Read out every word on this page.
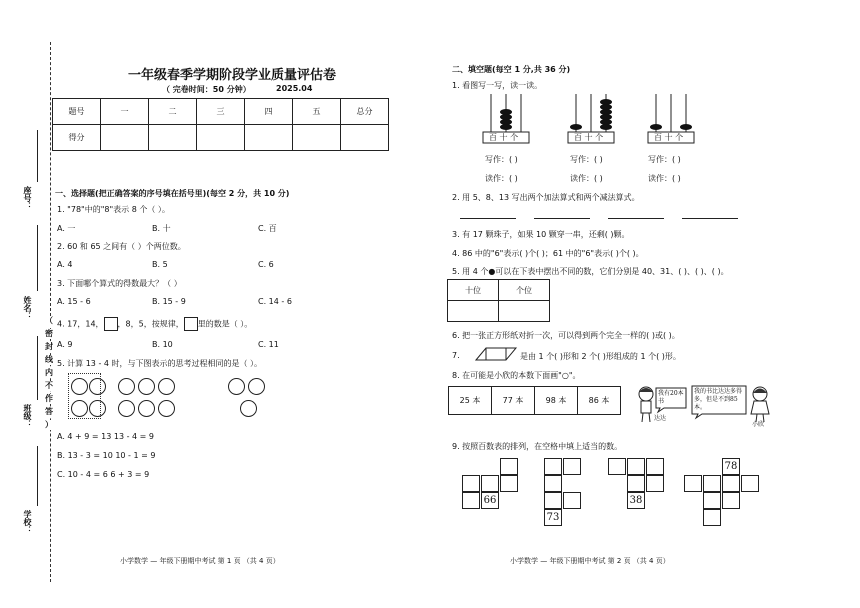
座号：
姓名：
班级：
学校：
（
密
封
线
内
不
作
答
）
一年级春季学期阶段学业质量评估卷
（ 完卷时间：50 分钟）	2025.04
题号	一	二	三	四	五	总分
得分						
一、选择题(把正确答案的序号填在括号里)(每空 2 分，共 10 分)
1. "78"中的"8"表示 8 个（ ）。
A. 一	B. 十	C. 百
2. 60 和 65 之间有（ ）个两位数。
A. 4	B. 5	C. 6
3. 下面哪个算式的得数最大？（ ）
A. 15 - 6	B. 15 - 9	C. 14 - 6
4. 17，14， ，8，5，按规律， 里的数是（ ）。
A. 9	B. 10	C. 11
5. 计算 13 - 4 时，与下图表示的思考过程相同的是（ ）。
A. 4 + 9 = 13 13 - 4 = 9
B. 13 - 3 = 10 10 - 1 = 9
C. 10 - 4 = 6 6 + 3 = 9
小学数学 — 年级下册期中考试 第 1 页 （共 4 页）
二、填空题(每空 1 分,共 36 分)
1. 看图写一写，读一读。
百 十 个	百 十 个	百 十 个
写作：( )	写作：( )	写作：( )
读作：( )	读作：( )	读作：( )
2. 用 5、8、13 写出两个加法算式和两个减法算式。
3. 有 17 颗珠子，如果 10 颗穿一串，还剩( )颗。
4. 86 中的"6"表示( )个( )；61 中的"6"表示( )个( )。
5. 用 4 个●可以在下表中摆出不同的数，它们分别是 40、31、( )、( )、( )。
十位	个位

6. 把一张正方形纸对折一次，可以得到两个完全一样的( )或( )。
7.	是由 1 个( )形和 2 个( )形组成的 1 个( )形。
8. 在可能是小欣的本数下面画"○"。
25 本	77 本	98 本	86 本
我有20本书
我的书比达达多得多，但是不到85本。
达达
小欣
9. 按照百数表的排列，在空格中填上适当的数。
66
73
38
78
小学数学 — 年级下册期中考试 第 2 页 （共 4 页）
